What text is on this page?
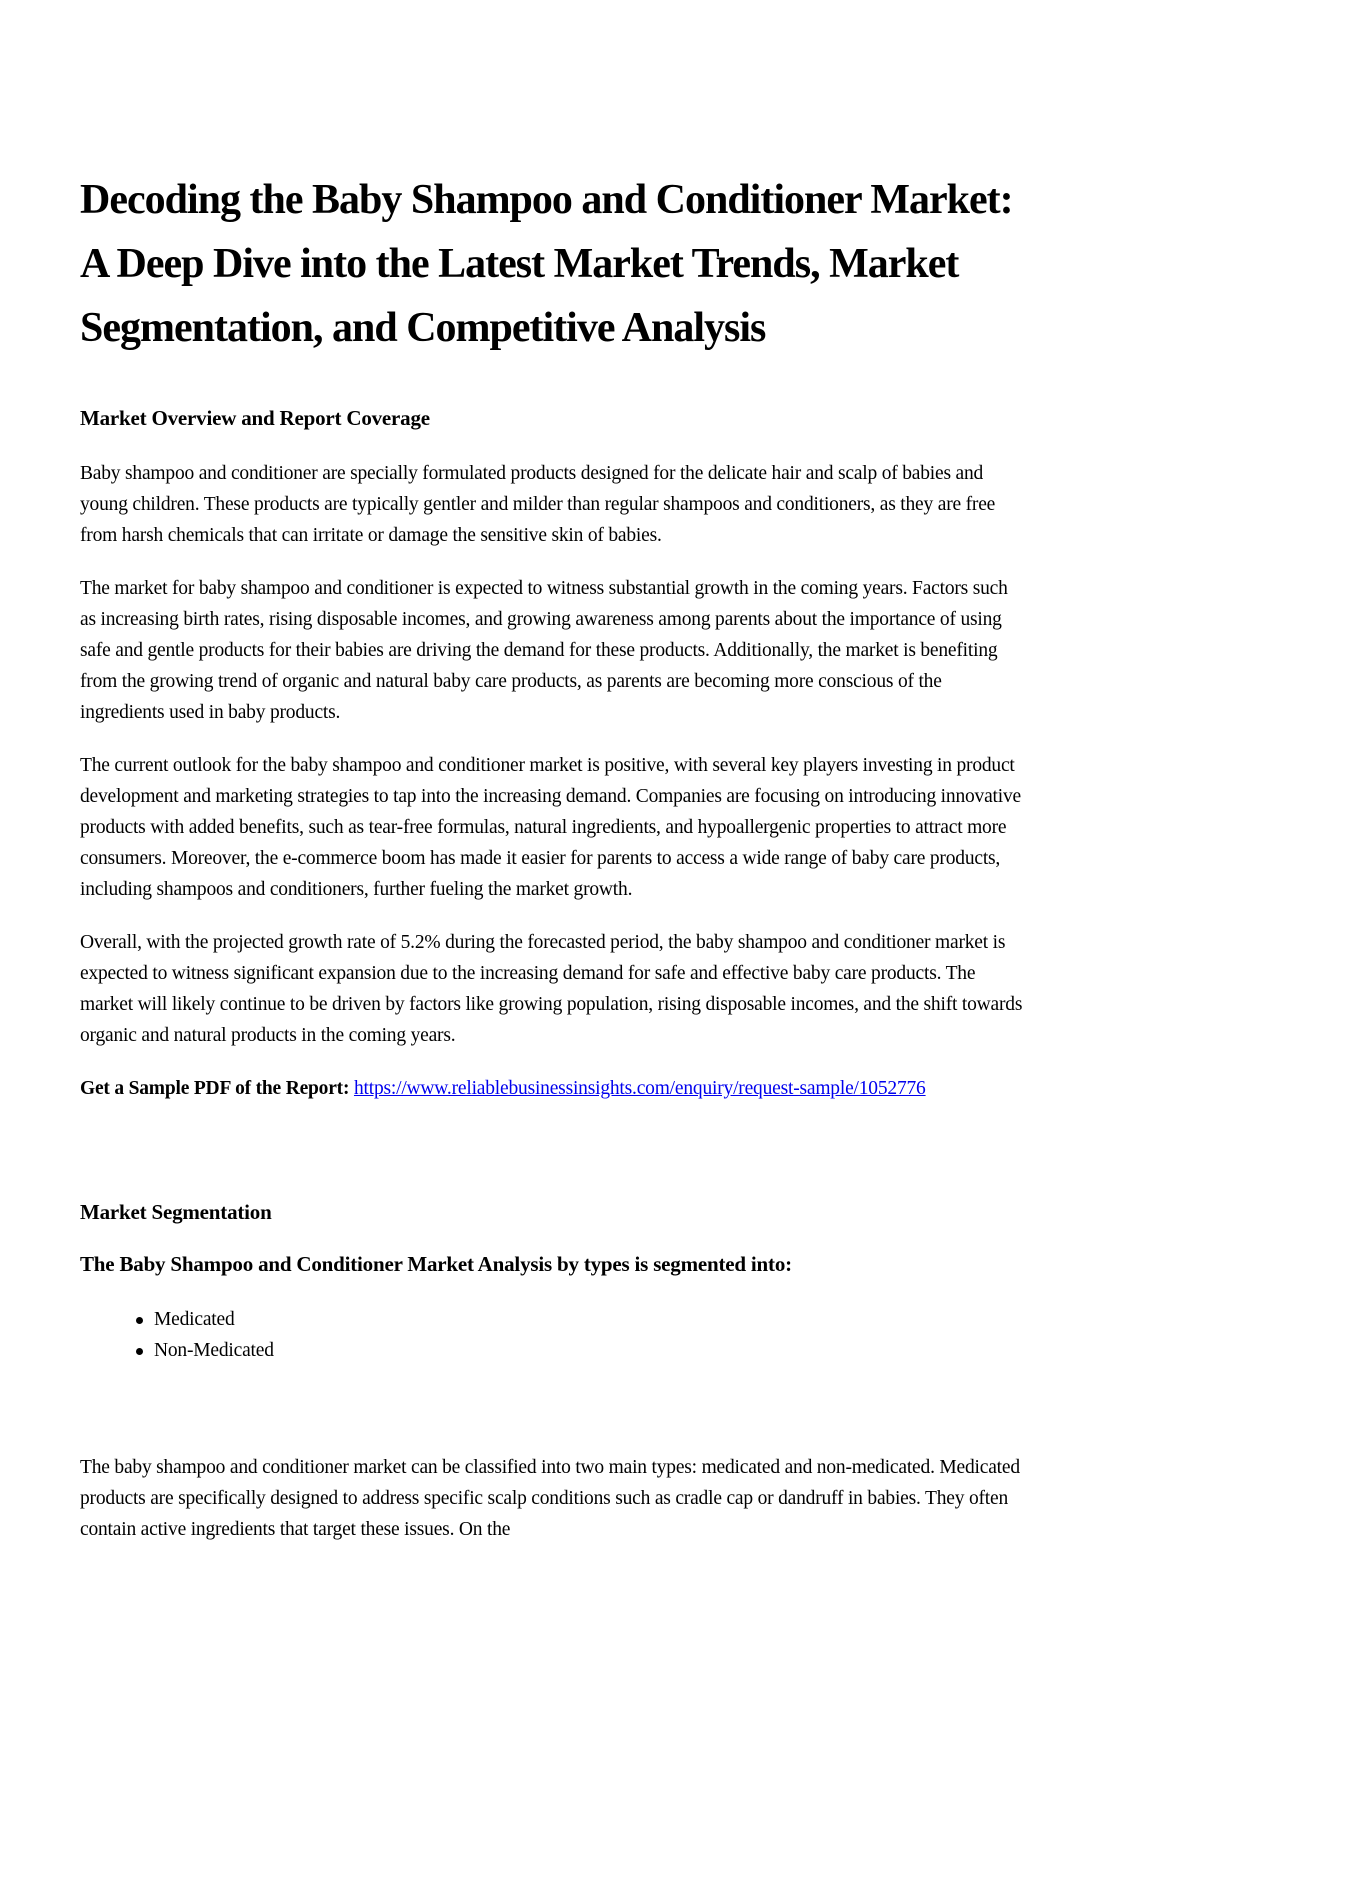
Decoding the Baby Shampoo and Conditioner Market: A Deep Dive into the Latest Market Trends, Market Segmentation, and Competitive Analysis
Market Overview and Report Coverage

Baby shampoo and conditioner are specially formulated products designed for the delicate hair and scalp of babies and young children. These products are typically gentler and milder than regular shampoos and conditioners, as they are free from harsh chemicals that can irritate or damage the sensitive skin of babies.

The market for baby shampoo and conditioner is expected to witness substantial growth in the coming years. Factors such as increasing birth rates, rising disposable incomes, and growing awareness among parents about the importance of using safe and gentle products for their babies are driving the demand for these products. Additionally, the market is benefiting from the growing trend of organic and natural baby care products, as parents are becoming more conscious of the ingredients used in baby products.

The current outlook for the baby shampoo and conditioner market is positive, with several key players investing in product development and marketing strategies to tap into the increasing demand. Companies are focusing on introducing innovative products with added benefits, such as tear-free formulas, natural ingredients, and hypoallergenic properties to attract more consumers. Moreover, the e-commerce boom has made it easier for parents to access a wide range of baby care products, including shampoos and conditioners, further fueling the market growth.

Overall, with the projected growth rate of 5.2% during the forecasted period, the baby shampoo and conditioner market is expected to witness significant expansion due to the increasing demand for safe and effective baby care products. The market will likely continue to be driven by factors like growing population, rising disposable incomes, and the shift towards organic and natural products in the coming years.

Get a Sample PDF of the Report: https://www.reliablebusinessinsights.com/enquiry/request-sample/1052776

Market Segmentation
The Baby Shampoo and Conditioner Market Analysis by types is segmented into:
Medicated
Non-Medicated

The baby shampoo and conditioner market can be classified into two main types: medicated and non-medicated. Medicated products are specifically designed to address specific scalp conditions such as cradle cap or dandruff in babies. They often contain active ingredients that target these issues. On the
